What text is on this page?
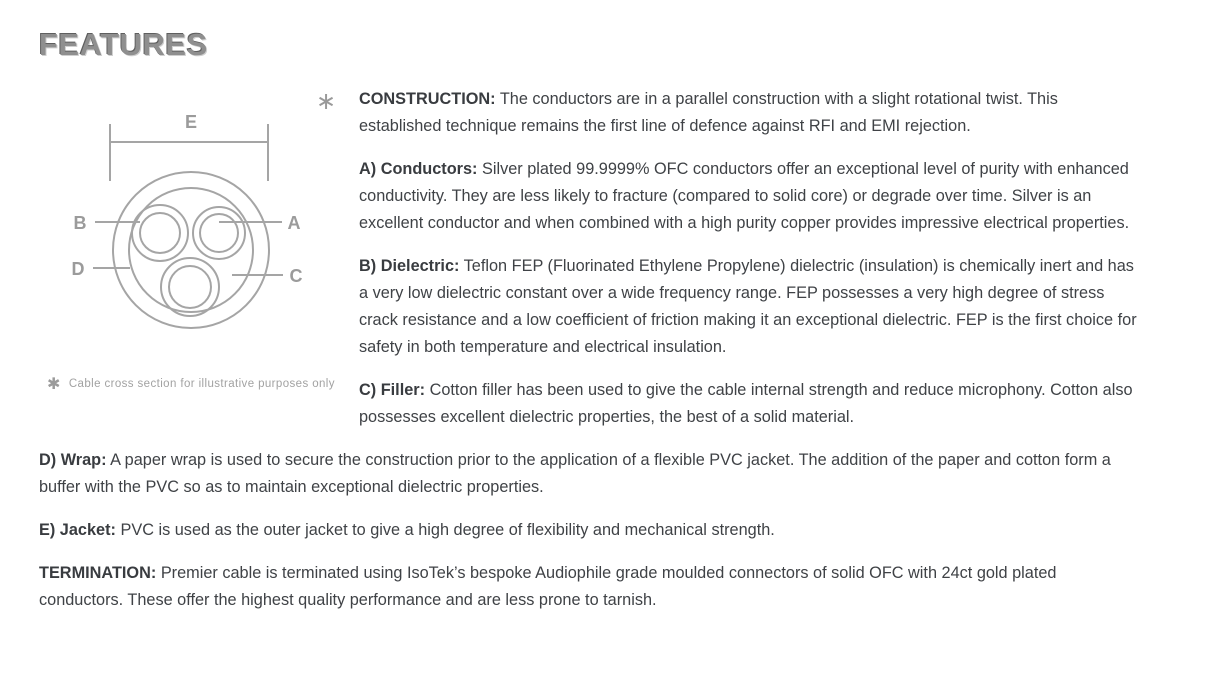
FEATURES
∗
E
B	A
D	C
✱ Cable cross section for illustrative purposes only

CONSTRUCTION: The conductors are in a parallel construction with a slight rotational twist. This established technique remains the first line of defence against RFI and EMI rejection.

A) Conductors: Silver plated 99.9999% OFC conductors offer an exceptional level of purity with enhanced conductivity. They are less likely to fracture (compared to solid core) or degrade over time. Silver is an excellent conductor and when combined with a high purity copper provides impressive electrical properties.

B) Dielectric: Teflon FEP (Fluorinated Ethylene Propylene) dielectric (insulation) is chemically inert and has a very low dielectric constant over a wide frequency range. FEP possesses a very high degree of stress crack resistance and a low coefficient of friction making it an exceptional dielectric. FEP is the first choice for safety in both temperature and electrical insulation.

C) Filler: Cotton filler has been used to give the cable internal strength and reduce microphony. Cotton also possesses excellent dielectric properties, the best of a solid material.

D) Wrap: A paper wrap is used to secure the construction prior to the application of a flexible PVC jacket. The addition of the paper and cotton form a buffer with the PVC so as to maintain exceptional dielectric properties.

E) Jacket: PVC is used as the outer jacket to give a high degree of flexibility and mechanical strength.

TERMINATION: Premier cable is terminated using IsoTek’s bespoke Audiophile grade moulded connectors of solid OFC with 24ct gold plated conductors. These offer the highest quality performance and are less prone to tarnish.
